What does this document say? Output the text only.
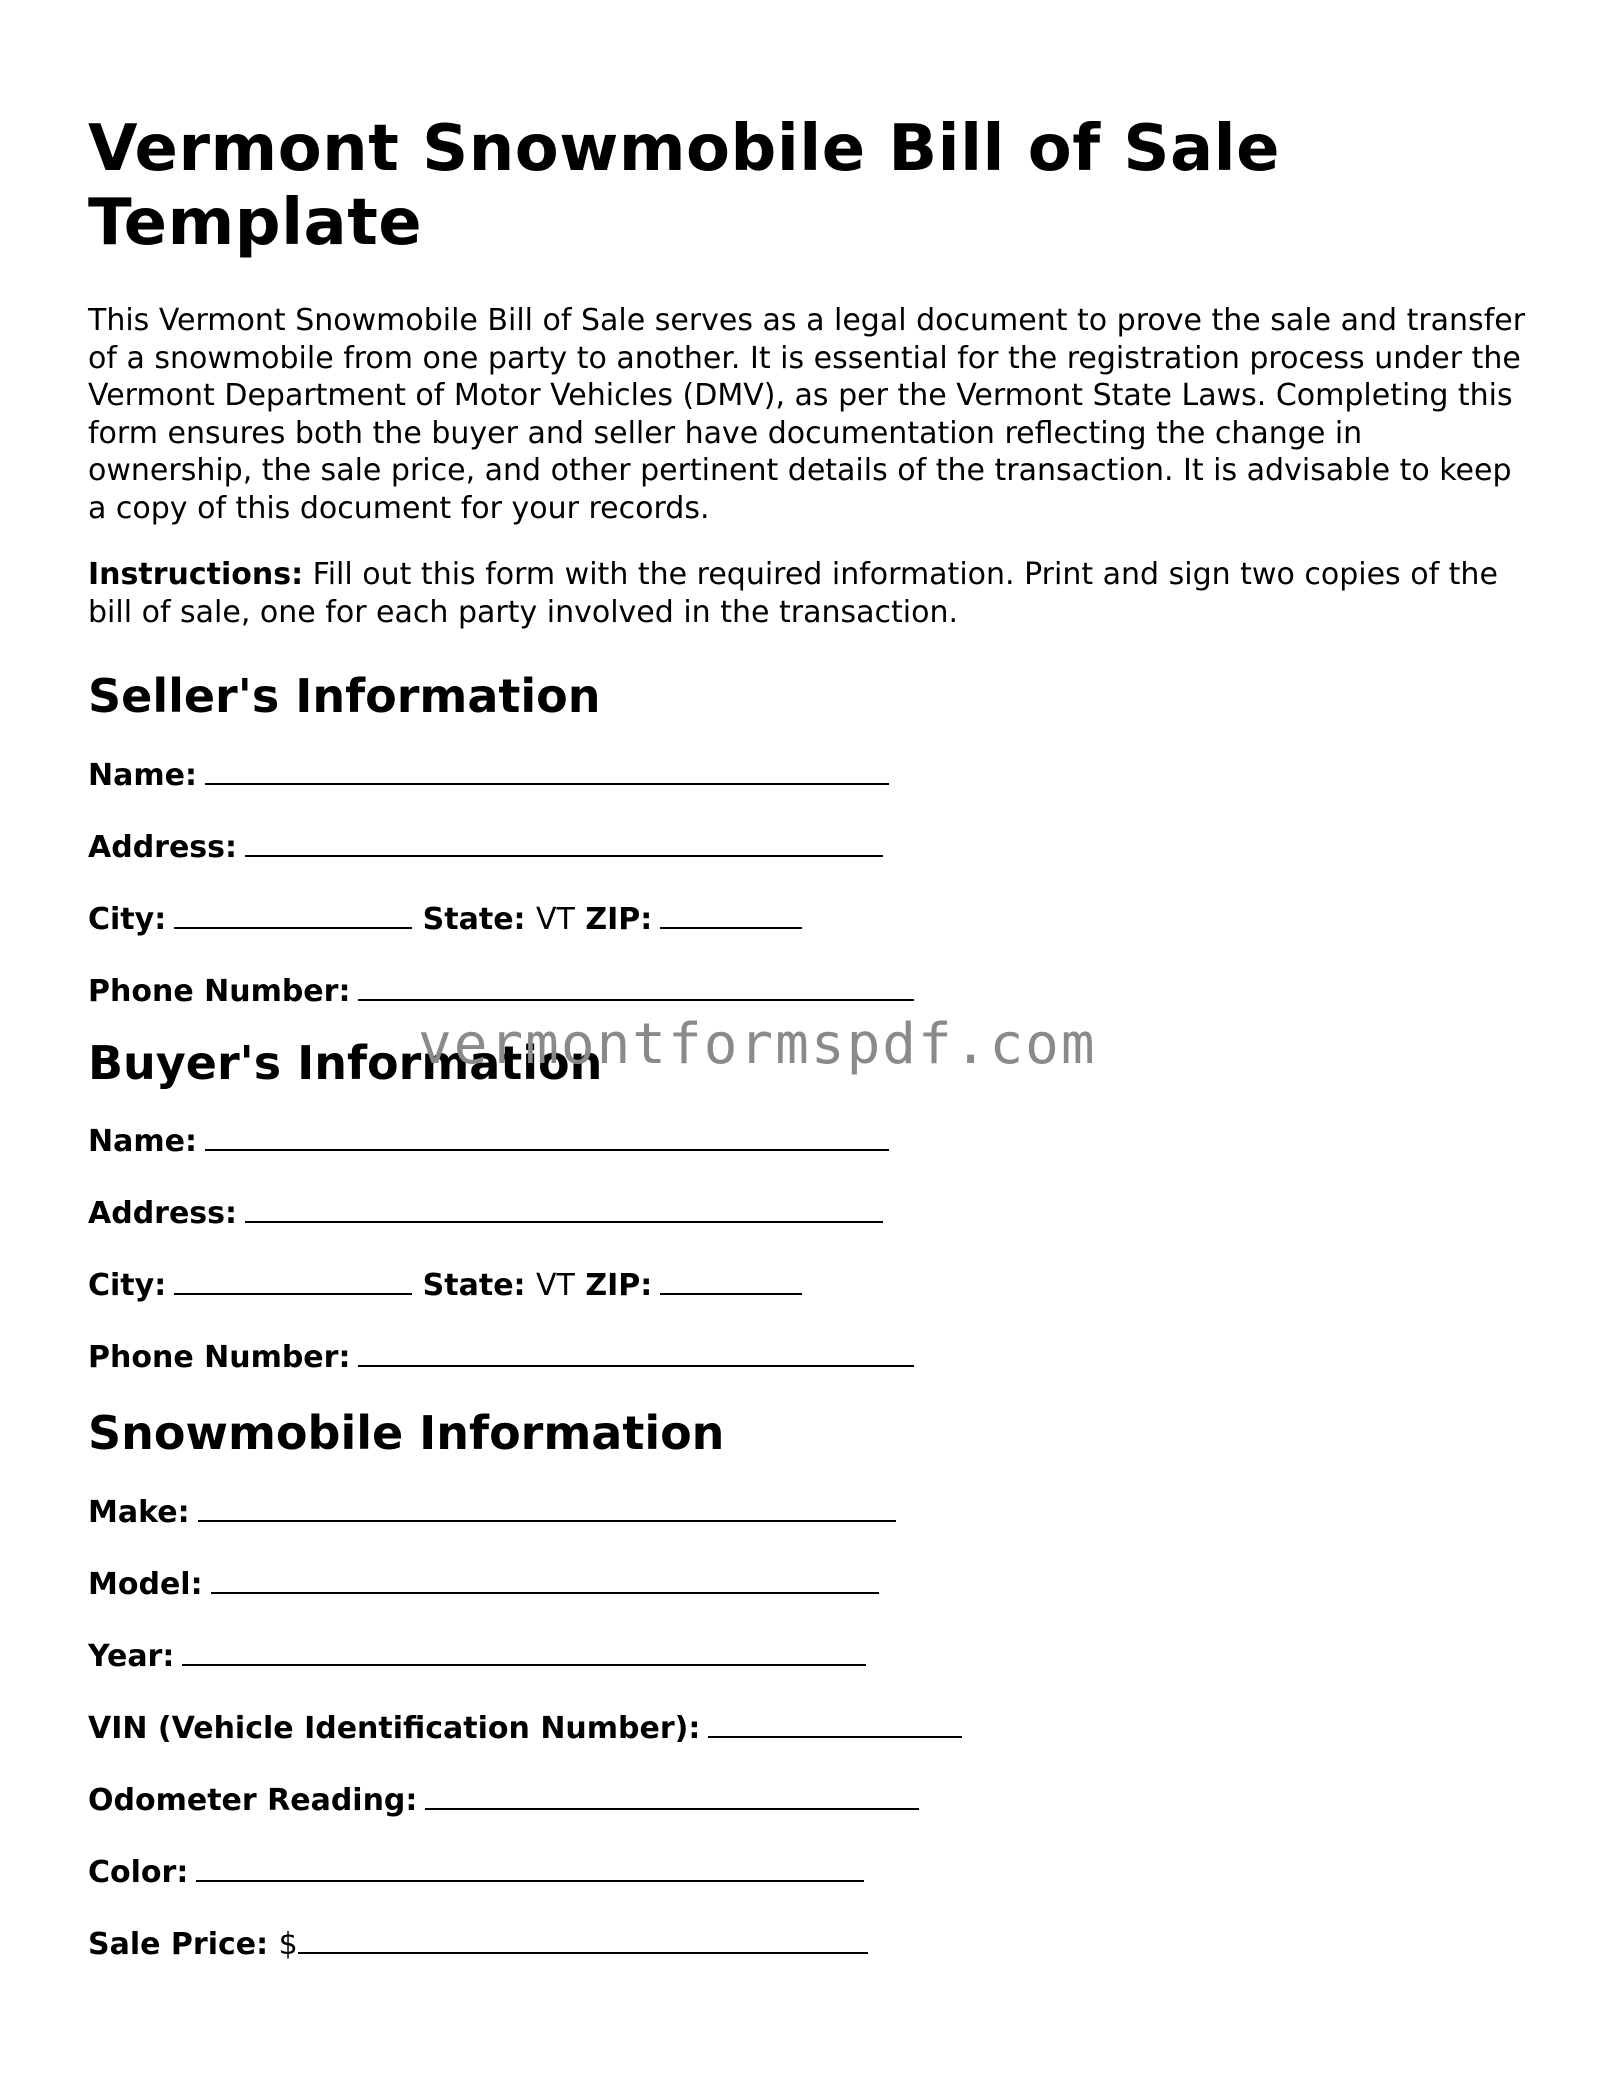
Vermont Snowmobile Bill of Sale Template

This Vermont Snowmobile Bill of Sale serves as a legal document to prove the sale and transfer of a snowmobile from one party to another. It is essential for the registration process under the Vermont Department of Motor Vehicles (DMV), as per the Vermont State Laws. Completing this form ensures both the buyer and seller have documentation reflecting the change in ownership, the sale price, and other pertinent details of the transaction. It is advisable to keep a copy of this document for your records.

Instructions: Fill out this form with the required information. Print and sign two copies of the bill of sale, one for each party involved in the transaction.

Seller's Information
Name:
Address:
City:	State: VT ZIP:
Phone Number:
Buyer's Information
Name:
Address:
City:	State: VT ZIP:
Phone Number:
Snowmobile Information
Make:
Model:
Year:
VIN (Vehicle Identification Number):
Odometer Reading:
Color:
Sale Price: $
vermontformspdf.com
